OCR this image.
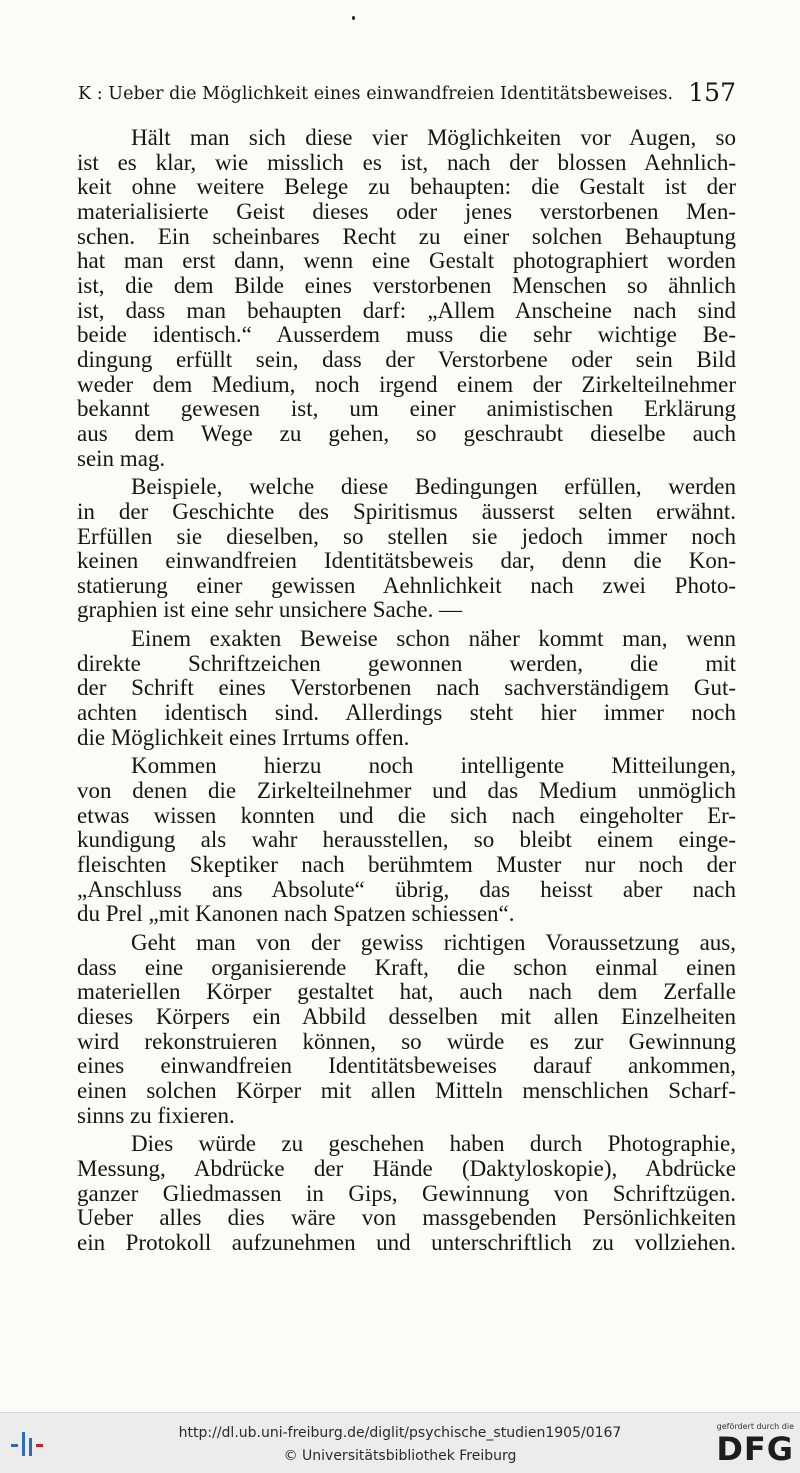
K : Ueber die Möglichkeit eines einwandfreien Identitätsbeweises. 157
Hält man sich diese vier Möglichkeiten vor Augen, so
ist es klar, wie misslich es ist, nach der blossen Aehnlich-
keit ohne weitere Belege zu behaupten: die Gestalt ist der
materialisierte Geist dieses oder jenes verstorbenen Men-
schen. Ein scheinbares Recht zu einer solchen Behauptung
hat man erst dann, wenn eine Gestalt photographiert worden
ist, die dem Bilde eines verstorbenen Menschen so ähnlich
ist, dass man behaupten darf: „Allem Anscheine nach sind
beide identisch.“ Ausserdem muss die sehr wichtige Be-
dingung erfüllt sein, dass der Verstorbene oder sein Bild
weder dem Medium, noch irgend einem der Zirkelteilnehmer
bekannt gewesen ist, um einer animistischen Erklärung
aus dem Wege zu gehen, so geschraubt dieselbe auch
sein mag.
Beispiele, welche diese Bedingungen erfüllen, werden
in der Geschichte des Spiritismus äusserst selten erwähnt.
Erfüllen sie dieselben, so stellen sie jedoch immer noch
keinen einwandfreien Identitätsbeweis dar, denn die Kon-
statierung einer gewissen Aehnlichkeit nach zwei Photo-
graphien ist eine sehr unsichere Sache. —
Einem exakten Beweise schon näher kommt man, wenn
direkte Schriftzeichen gewonnen werden, die mit
der Schrift eines Verstorbenen nach sachverständigem Gut-
achten identisch sind. Allerdings steht hier immer noch
die Möglichkeit eines Irrtums offen.
Kommen hierzu noch intelligente Mitteilungen,
von denen die Zirkelteilnehmer und das Medium unmöglich
etwas wissen konnten und die sich nach eingeholter Er-
kundigung als wahr herausstellen, so bleibt einem einge-
fleischten Skeptiker nach berühmtem Muster nur noch der
„Anschluss ans Absolute“ übrig, das heisst aber nach
du Prel „mit Kanonen nach Spatzen schiessen“.
Geht man von der gewiss richtigen Voraussetzung aus,
dass eine organisierende Kraft, die schon einmal einen
materiellen Körper gestaltet hat, auch nach dem Zerfalle
dieses Körpers ein Abbild desselben mit allen Einzelheiten
wird rekonstruieren können, so würde es zur Gewinnung
eines einwandfreien Identitätsbeweises darauf ankommen,
einen solchen Körper mit allen Mitteln menschlichen Scharf-
sinns zu fixieren.
Dies würde zu geschehen haben durch Photographie,
Messung, Abdrücke der Hände (Daktyloskopie), Abdrücke
ganzer Gliedmassen in Gips, Gewinnung von Schriftzügen.
Ueber alles dies wäre von massgebenden Persönlichkeiten
ein Protokoll aufzunehmen und unterschriftlich zu vollziehen.
http://dl.ub.uni-freiburg.de/diglit/psychische_studien1905/0167
© Universitätsbibliothek Freiburg
gefördert durch die
DFG
